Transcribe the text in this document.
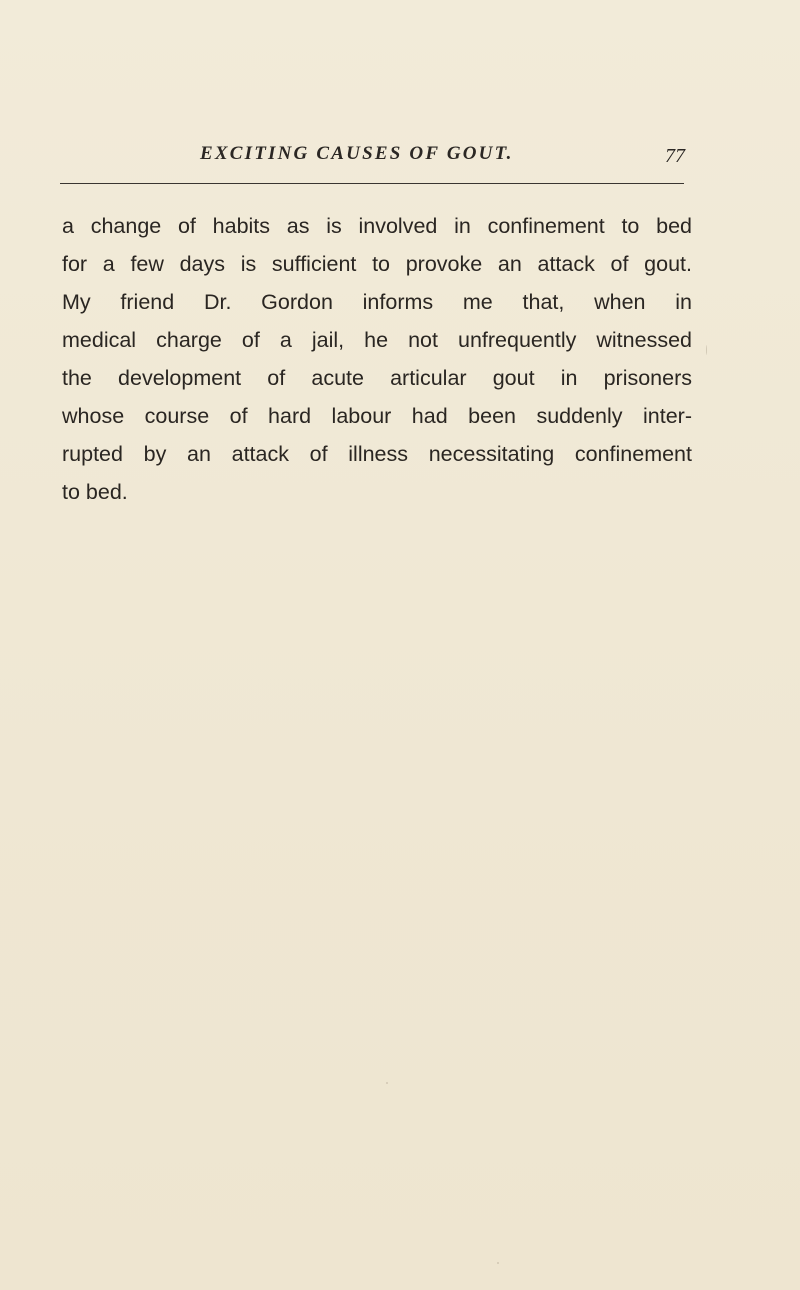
EXCITING CAUSES OF GOUT.	77
a change of habits as is involved in confinement to bed
for a few days is sufficient to provoke an attack of gout.
My friend Dr. Gordon informs me that, when in
medical charge of a jail, he not unfrequently witnessed
the development of acute articular gout in prisoners
whose course of hard labour had been suddenly inter-
rupted by an attack of illness necessitating confinement
to bed.
